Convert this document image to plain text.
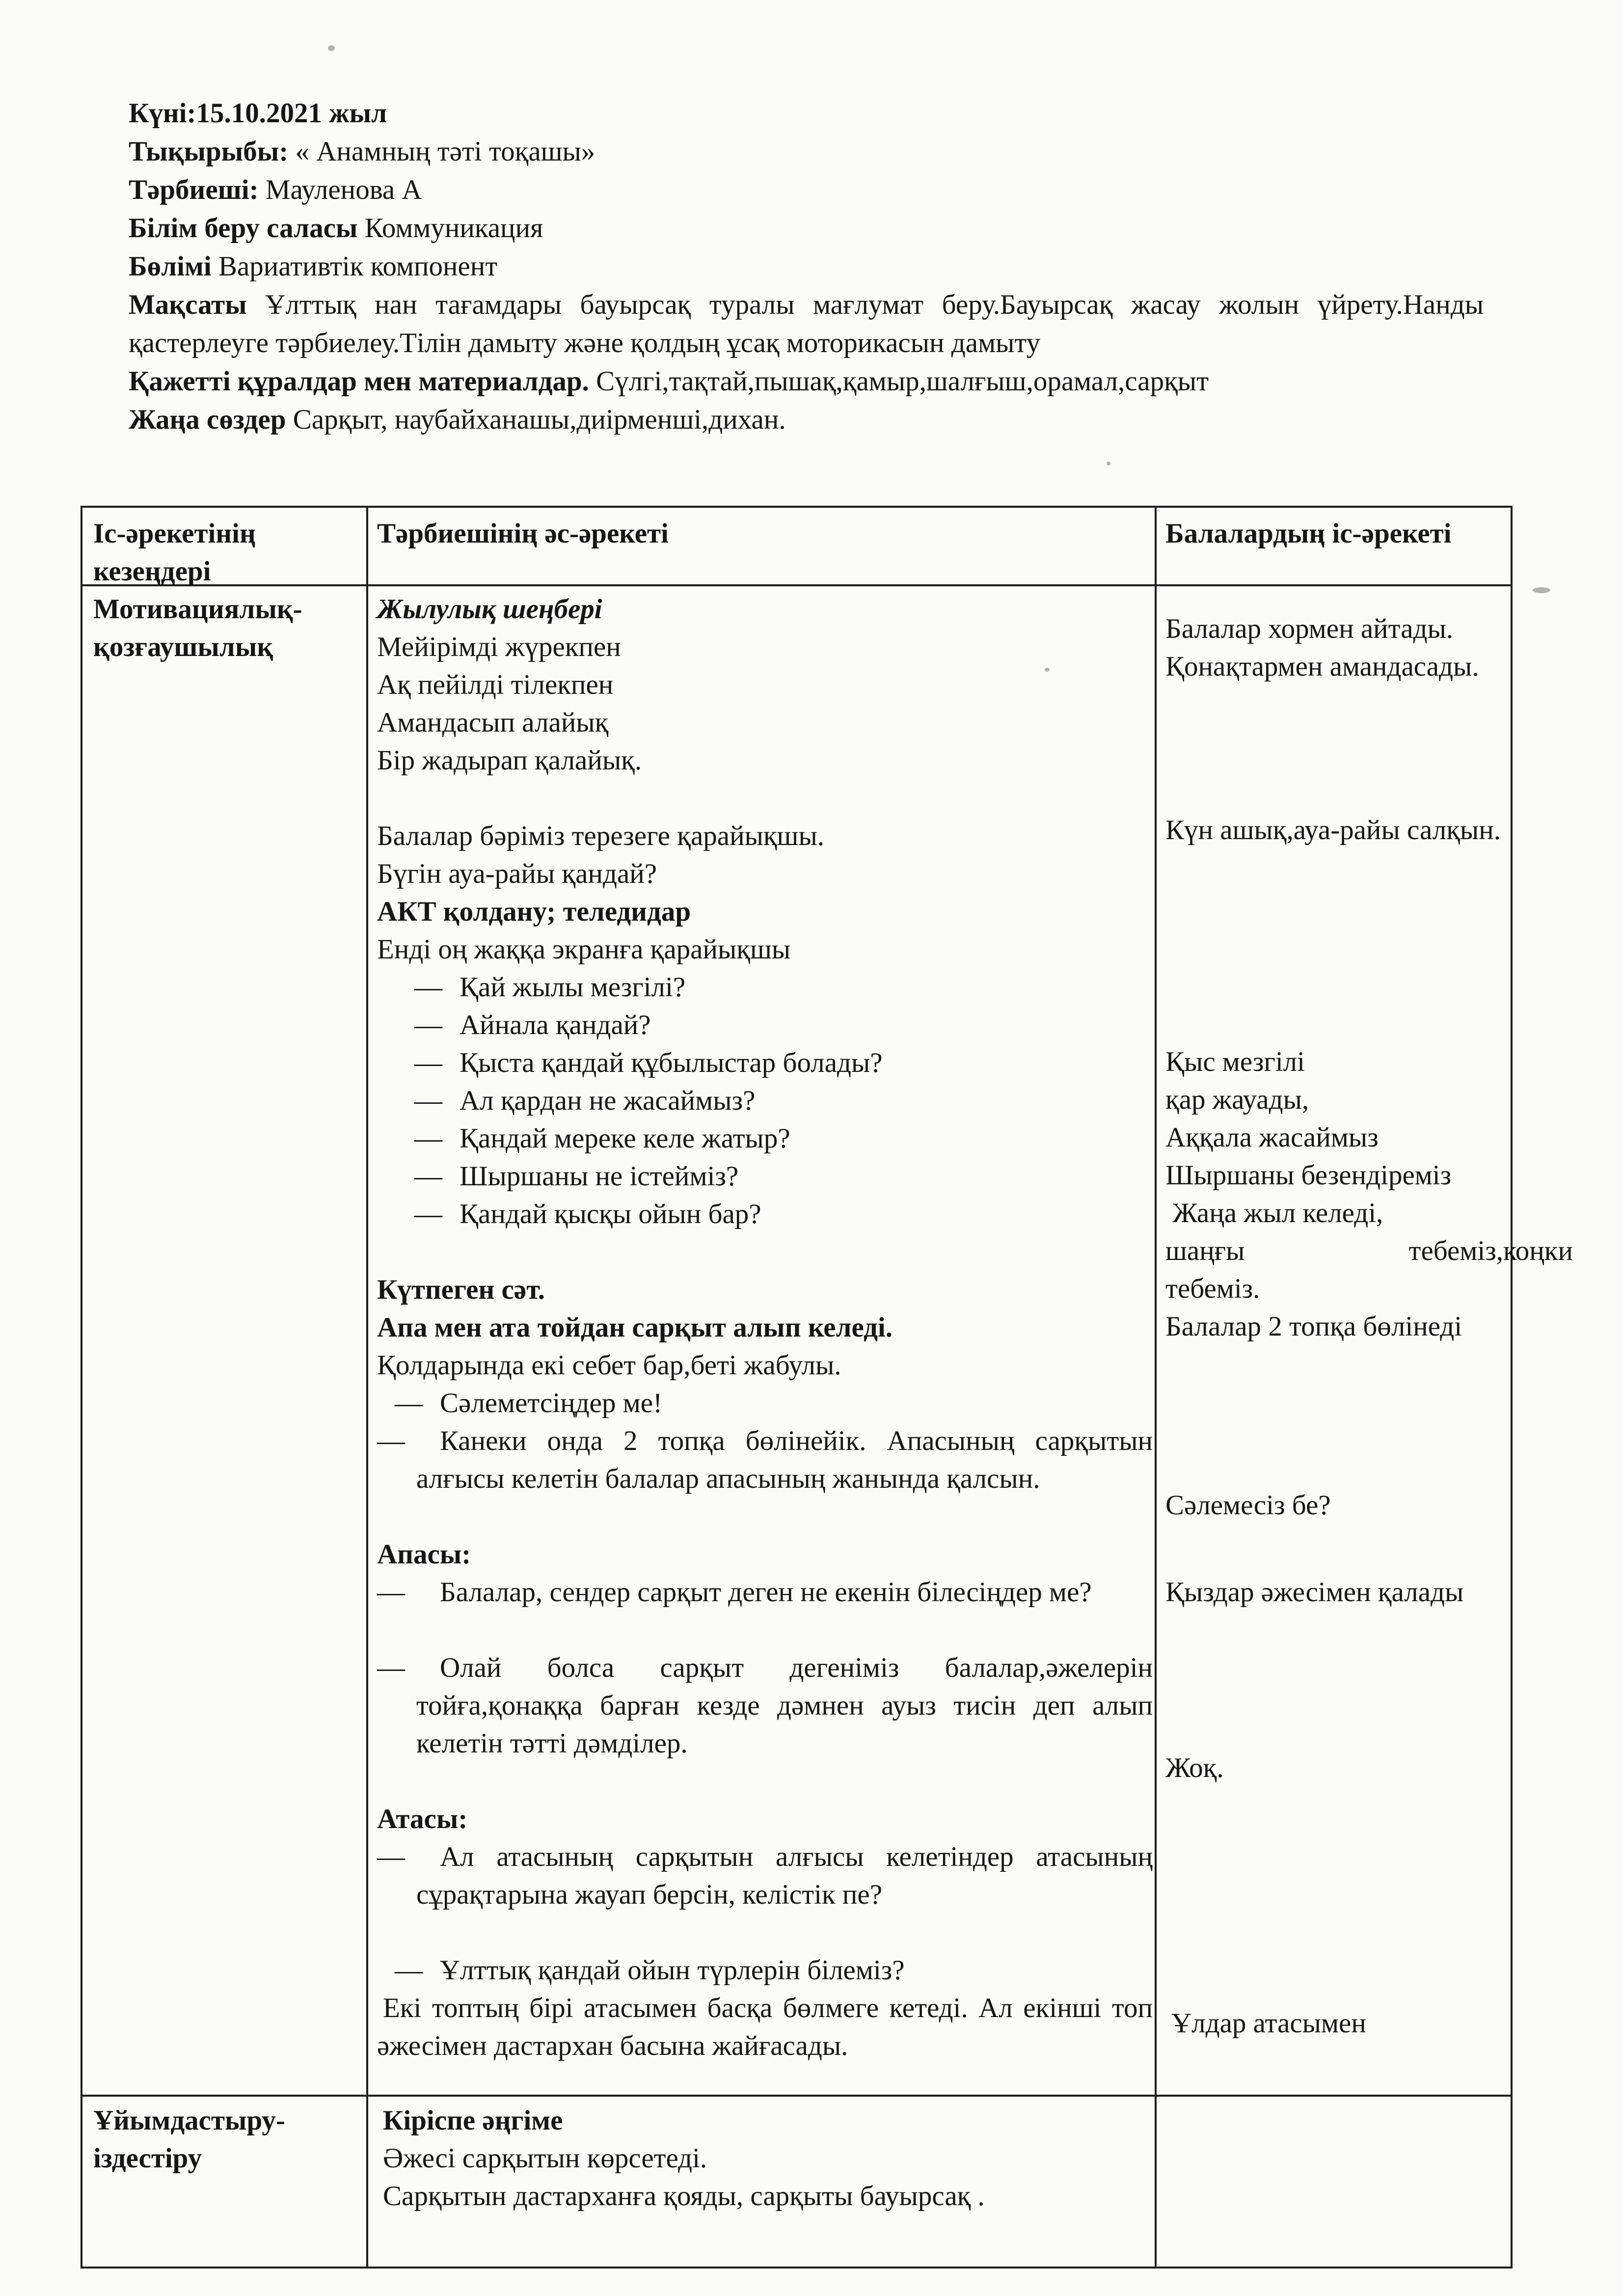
Күні:15.10.2021 жыл
Тықырыбы: « Анамның тәті тоқашы»
Тәрбиеші: Мауленова А
Білім беру саласы Коммуникация
Бөлімі Вариативтік компонент
Мақсаты Ұлттық нан тағамдары бауырсақ туралы мағлумат беру.Бауырсақ жасау жолын үйрету.Нанды қастерлеуге тәрбиелеу.Тілін дамыту және қолдың ұсақ моторикасын дамыту
Қажетті құралдар мен материалдар. Сүлгі,тақтай,пышақ,қамыр,шалғыш,орамал,сарқыт
Жаңа сөздер Сарқыт, наубайханашы,диірменші,дихан.
Іс-әрекетінің кезеңдері
Тәрбиешінің әс-әрекеті	Балалардың іс-әрекеті
Мотивациялық-қозғаушылық
Жылулық шеңбері
Мейірімді жүрекпен
Ақ пейілді тілекпен
Амандасып алайық
Бір жадырап қалайық.
Балалар бәріміз терезеге қарайықшы.
Бүгін ауа-райы қандай?
АКТ қолдану; теледидар
Енді оң жаққа экранға қарайықшы
— Қай жылы мезгілі?
— Айнала қандай?
— Қыста қандай құбылыстар болады?
— Ал қардан не жасаймыз?
— Қандай мереке келе жатыр?
— Шыршаны не істейміз?
— Қандай қысқы ойын бар?
Күтпеген сәт.
Апа мен ата тойдан сарқыт алып келеді.
Қолдарында екі себет бар,беті жабулы.
— Сәлеметсіңдер ме!
— Канеки онда 2 топқа бөлінейік. Апасының сарқытын алғысы келетін балалар апасының жанында қалсын.
Апасы:
— Балалар, сендер сарқыт деген не екенін білесіңдер ме?
— Олай болса сарқыт дегеніміз балалар,әжелерін тойға,қонаққа барған кезде дәмнен ауыз тисін деп алып келетін тәтті дәмділер.
Атасы:
— Ал атасының сарқытын алғысы келетіндер атасының сұрақтарына жауап берсін, келістік пе?
— Ұлттық қандай ойын түрлерін білеміз?
Екі топтың бірі атасымен басқа бөлмеге кетеді. Ал екінші топ әжесімен дастархан басына жайғасады.
Балалар хормен айтады.
Қонақтармен амандасады.
Күн ашық,ауа-райы салқын.
Қыс мезгілі
қар жауады,
Аққала жасаймыз
Шыршаны безендіреміз
Жаңа жыл келеді,
шаңғы тебеміз,коңки
тебеміз.
Балалар 2 топқа бөлінеді
Сәлемесіз бе?
Қыздар әжесімен қалады
Жоқ.
Ұлдар атасымен
Ұйымдастыру-іздестіру
Кіріспе әңгіме
Әжесі сарқытын көрсетеді.
Сарқытын дастарханға қояды, сарқыты бауырсақ .
